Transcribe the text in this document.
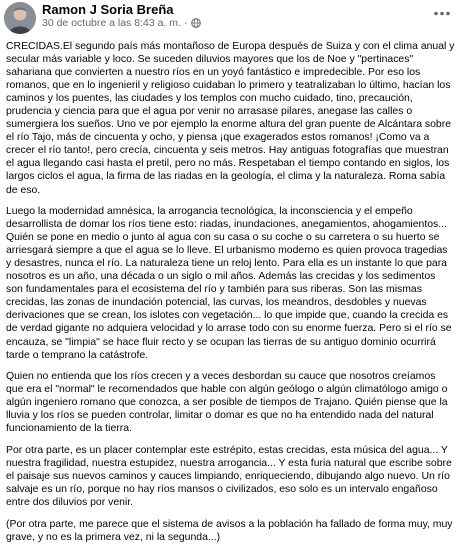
Ramon J Soria Breña
30 de octubre a las 8:43 a. m. ·

CRECIDAS.El segundo país más montañoso de Europa después de Suiza y con el clima anual y secular más variable y loco. Se suceden diluvios mayores que los de Noe y "pertinaces" sahariana que convierten a nuestro ríos en un yoyó fantástico e impredecible. Por eso los romanos, que en lo ingenieril y religioso cuidaban lo primero y teatralizaban lo último, hacían los caminos y los puentes, las ciudades y los templos con mucho cuidado, tino, precaución, prudencia y ciencia para que el agua por venir no arrasase pilares, anegase las calles o sumergiera los sueños. Uno ve por ejemplo la enorme altura del gran puente de Alcántara sobre el río Tajo, más de cincuenta y ocho, y piensa ¡que exagerados estos romanos! ¡Como va a crecer el río tanto!, pero crecía, cincuenta y seis metros. Hay antiguas fotografías que muestran el agua llegando casi hasta el pretil, pero no más. Respetaban el tiempo contando en siglos, los largos ciclos el agua, la firma de las riadas en la geología, el clima y la naturaleza. Roma sabía de eso.

Luego la modernidad amnésica, la arrogancia tecnológica, la inconsciencia y el empeño desarrollista de domar los ríos tiene esto: riadas, inundaciones, anegamientos, ahogamientos... Quién se pone en medio o junto al agua con su casa o su coche o su carretera o su huerto se arriesgará siempre a que el agua se lo lleve. El urbanismo moderno es quien provoca tragedias y desastres, nunca el río. La naturaleza tiene un reloj lento. Para ella es un instante lo que para nosotros es un año, una década o un siglo o mil años. Además las crecidas y los sedimentos son fundamentales para el ecosistema del río y también para sus riberas. Son las mismas crecidas, las zonas de inundación potencial, las curvas, los meandros, desdobles y nuevas derivaciones que se crean, los islotes con vegetación... lo que impide que, cuando la crecida es de verdad gigante no adquiera velocidad y lo arrase todo con su enorme fuerza. Pero si el río se encauza, se "limpia" se hace fluir recto y se ocupan las tierras de su antiguo dominio ocurrirá tarde o temprano la catástrofe.

Quien no entienda que los ríos crecen y a veces desbordan su cauce que nosotros creíamos que era el "normal" le recomendados que hable con algún geólogo o algún climatólogo amigo o algún ingeniero romano que conozca, a ser posible de tiempos de Trajano. Quién piense que la lluvia y los ríos se pueden controlar, limitar o domar es que no ha entendido nada del natural funcionamiento de la tierra.

Por otra parte, es un placer contemplar este estrépito, estas crecidas, esta música del agua... Y nuestra fragilidad, nuestra estupidez, nuestra arrogancia... Y esta furia natural que escribe sobre el paisaje sus nuevos caminos y cauces limpiando, enriqueciendo, dibujando algo nuevo. Un río salvaje es un río, porque no hay ríos mansos o civilizados, eso solo es un intervalo engañoso entre dos diluvios por venir.

(Por otra parte, me parece que el sistema de avisos a la población ha fallado de forma muy, muy grave, y no es la primera vez, ni la segunda...)
